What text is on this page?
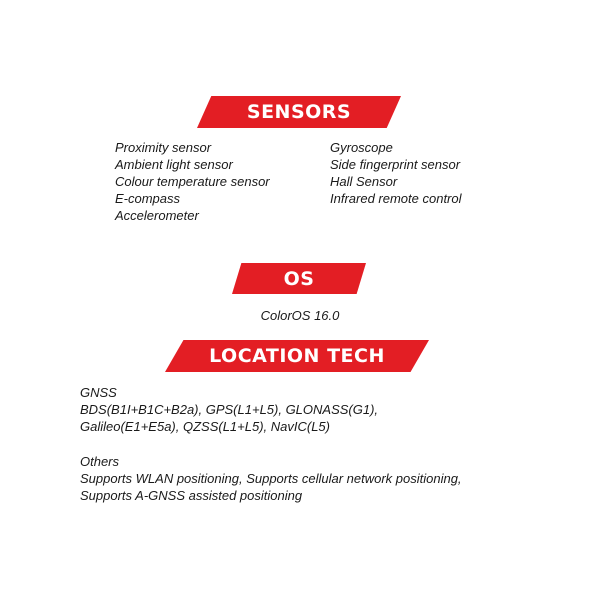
SENSORS
Proximity sensor
Ambient light sensor
Colour temperature sensor
E-compass
Accelerometer
Gyroscope
Side fingerprint sensor
Hall Sensor
Infrared remote control
OS
ColorOS 16.0
LOCATION TECH
GNSS
BDS(B1I+B1C+B2a), GPS(L1+L5), GLONASS(G1),
Galileo(E1+E5a), QZSS(L1+L5), NavIC(L5)
Others
Supports WLAN positioning, Supports cellular network positioning,
Supports A-GNSS assisted positioning
